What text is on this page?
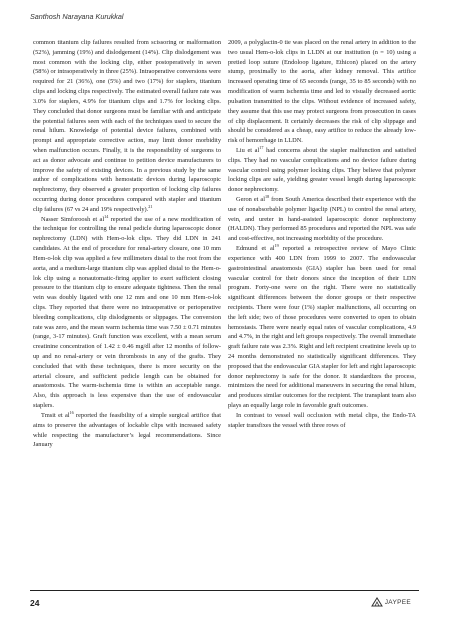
Santhosh Narayana Kurukkal

common titanium clip failures resulted from scissoring or malformation (52%), jamming (19%) and dislodgement (14%). Clip dislodgement was most common with the locking clip, either postoperatively in seven (58%) or intraoperatively in three (25%). Intraoperative conversions were required for 21 (36%), one (5%) and two (17%) for staplers, titanium clips and locking clips respectively. The estimated overall failure rate was 3.0% for staplers, 4.9% for titanium clips and 1.7% for locking clips. They concluded that donor surgeons must be familiar with and anticipate the potential failures seen with each of the techniques used to secure the renal hilum. Knowledge of potential device failures, combined with prompt and appropriate corrective action, may limit donor morbidity when malfunction occurs. Finally, it is the responsibility of surgeons to act as donor advocate and continue to petition device manufacturers to improve the safety of existing devices. In a previous study by the same author of complications with hemostatic devices during laparoscopic nephrectomy, they observed a greater proportion of locking clip failures occurring during donor procedures compared with stapler and titanium clip failures (67 vs 24 and 19% respectively).$^{21}$

Nasser Simforoosh et $al^{14}$ reported the use of a new modification of the technique for controlling the renal pedicle during laparoscopic donor nephrectomy (LDN) with Hem-o-lok clips. They did LDN in 241 candidates. At the end of procedure for renal-artery closure, one 10 mm Hem-o-lok clip was applied a few millimeters distal to the root from the aorta, and a medium-large titanium clip was applied distal to the Hem-o-lok clip using a nonautomatic-firing applier to exert sufficient closing pressure to the titanium clip to ensure adequate tightness. Then the renal vein was doubly ligated with one 12 mm and one 10 mm Hem-o-lok clips. They reported that there were no intraoperative or perioperative bleeding complications, clip dislodgments or slippages. The conversion rate was zero, and the mean warm ischemia time was 7.50 ± 0.71 minutes (range, 3-17 minutes). Graft function was excellent, with a mean serum creatinine concentration of 1.42 ± 0.46 mg/dl after 12 months of follow-up and no renal-artery or vein thrombosis in any of the grafts. They concluded that with these techniques, there is more security on the arterial closure, and sufficient pedicle length can be obtained for anastomosis. The warm-ischemia time is within an acceptable range. Also, this approach is less expensive than the use of endovascular staplers.

Tmsit et $al^{16}$ reported the feasibility of a simple surgical artifice that aims to preserve the advantages of lockable clips with increased safety while respecting the manufacturer’s legal recommendations. Since January

2009, a polyglactin-0 tie was placed on the renal artery in addition to the two usual Hem-o-lok clips in LLDN at our institution (n = 10) using a pretied loop suture (Endoloop ligature, Ethicon) placed on the artery stump, proximally to the aorta, after kidney removal. This artifice increased operating time of 65 seconds (range, 35 to 85 seconds) with no modification of warm ischemia time and led to visually decreased aortic pulsation transmitted to the clips. Without evidence of increased safety, they assume that this use may protect surgeons from prosecution in cases of clip displacement. It certainly decreases the risk of clip slippage and should be considered as a cheap, easy artifice to reduce the already low-risk of hemorrhage in LLDN.

Liu et $al^{17}$ had concerns about the stapler malfunction and satisfied clips. They had no vascular complications and no device failure during vascular control using polymer locking clips. They believe that polymer locking clips are safe, yielding greater vessel length during laparoscopic donor nephrectomy.

Geron et $al^{18}$ from South America described their experience with the use of nonabsorbable polymer ligaclip (NPL) to control the renal artery, vein, and ureter in hand-assisted laparoscopic donor nephrectomy (HALDN). They performed 85 procedures and reported the NPL was safe and cost-effective, not increasing morbidity of the procedure.

Edmund et $al^{19}$ reported a retrospective review of Mayo Clinic experience with 400 LDN from 1999 to 2007. The endovascular gastrointestinal anastomosis (GIA) stapler has been used for renal vascular control for their donors since the inception of their LDN program. Forty-one were on the right. There were no statistically significant differences between the donor groups or their respective recipients. There were four (1%) stapler malfunctions, all occurring on the left side; two of those procedures were converted to open to obtain hemostasis. There were nearly equal rates of vascular complications, 4.9 and 4.7%, in the right and left groups respectively. The overall immediate graft failure rate was 2.3%. Right and left recipient creatinine levels up to 24 months demonstrated no statistically significant differences. They proposed that the endovascular GIA stapler for left and right laparoscopic donor nephrectomy is safe for the donor. It standardizes the process, minimizes the need for additional maneuvers in securing the renal hilum, and produces similar outcomes for the recipient. The transplant team also plays an equally large role in favorable graft outcomes.

In contrast to vessel wall occlusion with metal clips, the Endo-TA stapler transfixes the vessel with three rows of

24	JAYPEE
